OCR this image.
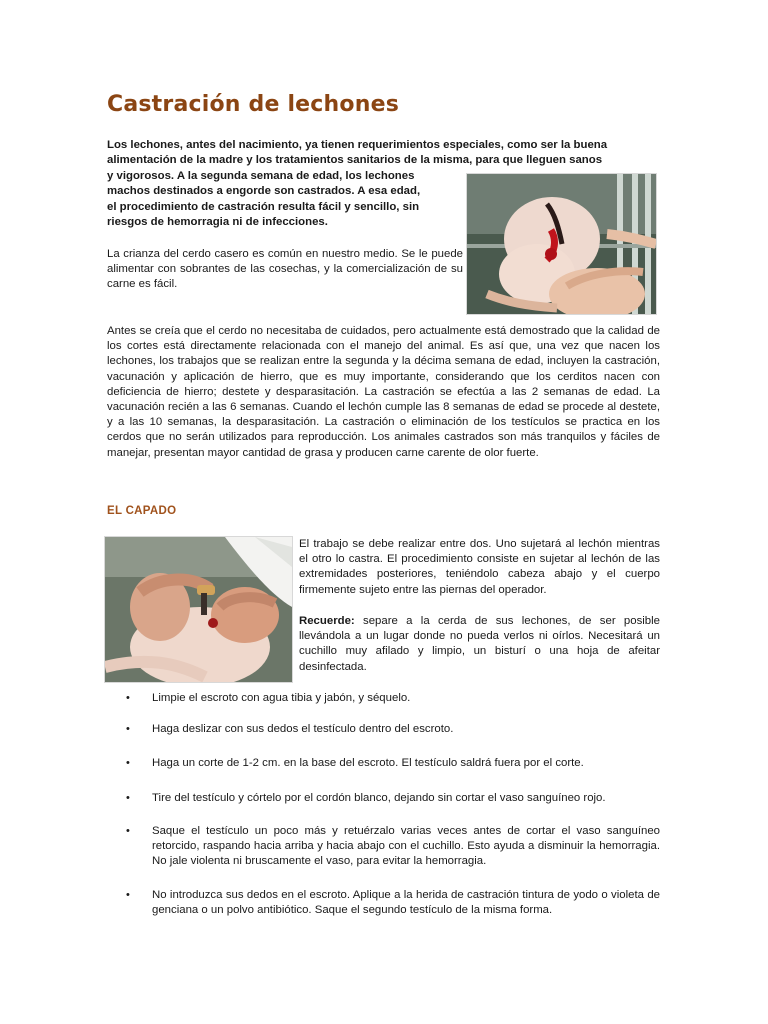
Castración de lechones

Los lechones, antes del nacimiento, ya tienen requerimientos especiales, como ser la buena
alimentación de la madre y los tratamientos sanitarios de la misma, para que lleguen sanos
y vigorosos. A la segunda semana de edad, los lechones
machos destinados a engorde son castrados. A esa edad,
el procedimiento de castración resulta fácil y sencillo, sin
riesgos de hemorragia ni de infecciones.

La crianza del cerdo casero es común en nuestro medio. Se le puede alimentar con sobrantes de las cosechas, y la comercialización de su carne es fácil.

Antes se creía que el cerdo no necesitaba de cuidados, pero actualmente está demostrado que la calidad de los cortes está directamente relacionada con el manejo del animal. Es así que, una vez que nacen los lechones, los trabajos que se realizan entre la segunda y la décima semana de edad, incluyen la castración, vacunación y aplicación de hierro, que es muy importante, considerando que los cerditos nacen con deficiencia de hierro; destete y desparasitación. La castración se efectúa a las 2 semanas de edad. La vacunación recién a las 6 semanas. Cuando el lechón cumple las 8 semanas de edad se procede al destete, y a las 10 semanas, la desparasitación. La castración o eliminación de los testículos se practica en los cerdos que no serán utilizados para reproducción. Los animales castrados son más tranquilos y fáciles de manejar, presentan mayor cantidad de grasa y producen carne carente de olor fuerte.

EL CAPADO

El trabajo se debe realizar entre dos. Uno sujetará al lechón mientras el otro lo castra. El procedimiento consiste en sujetar al lechón de las extremidades posteriores, teniéndolo cabeza abajo y el cuerpo firmemente sujeto entre las piernas del operador.

Recuerde: separe a la cerda de sus lechones, de ser posible llevándola a un lugar donde no pueda verlos ni oírlos. Necesitará un cuchillo muy afilado y limpio, un bisturí o una hoja de afeitar desinfectada.

• Limpie el escroto con agua tibia y jabón, y séquelo.
• Haga deslizar con sus dedos el testículo dentro del escroto.
• Haga un corte de 1-2 cm. en la base del escroto. El testículo saldrá fuera por el corte.
• Tire del testículo y córtelo por el cordón blanco, dejando sin cortar el vaso sanguíneo rojo.
• Saque el testículo un poco más y retuérzalo varias veces antes de cortar el vaso sanguíneo retorcido, raspando hacia arriba y hacia abajo con el cuchillo. Esto ayuda a disminuir la hemorragia. No jale violenta ni bruscamente el vaso, para evitar la hemorragia.
• No introduzca sus dedos en el escroto. Aplique a la herida de castración tintura de yodo o violeta de genciana o un polvo antibiótico. Saque el segundo testículo de la misma forma.
